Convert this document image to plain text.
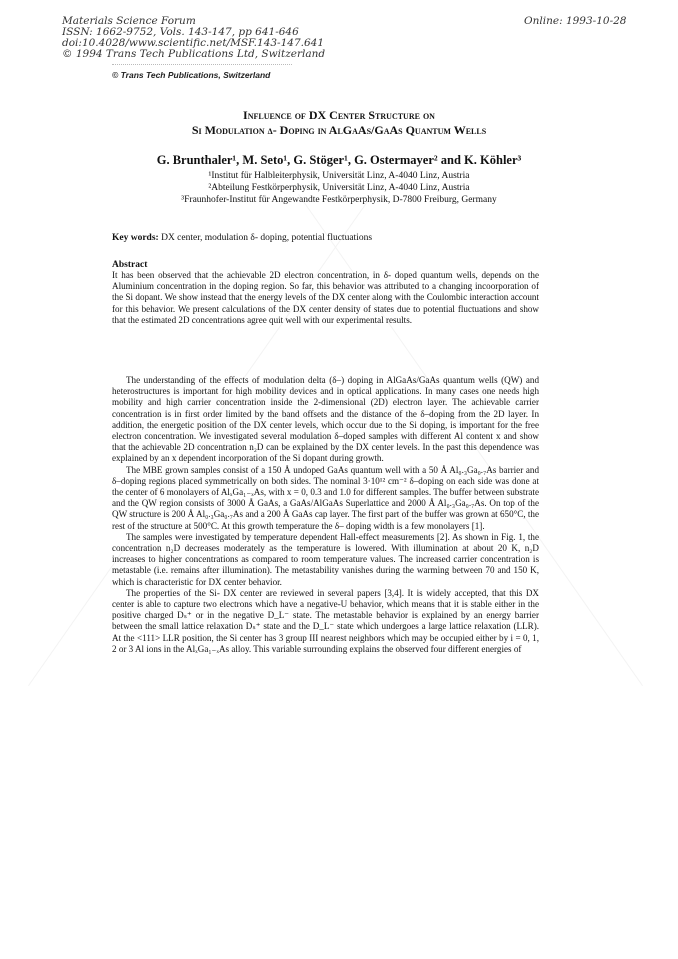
Materials Science Forum
ISSN: 1662-9752, Vols. 143-147, pp 641-646
doi:10.4028/www.scientific.net/MSF.143-147.641
© 1994 Trans Tech Publications Ltd, Switzerland
Online: 1993-10-28
© Trans Tech Publications, Switzerland
Influence of DX Center Structure on
Si Modulation δ- Doping in AlGaAs/GaAs Quantum Wells
G. Brunthaler¹, M. Seto¹, G. Stöger¹, G. Ostermayer² and K. Köhler³
¹Institut für Halbleiterphysik, Universität Linz, A-4040 Linz, Austria
²Abteilung Festkörperphysik, Universität Linz, A-4040 Linz, Austria
³Fraunhofer-Institut für Angewandte Festkörperphysik, D-7800 Freiburg, Germany
Key words: DX center, modulation δ- doping, potential fluctuations
Abstract
It has been observed that the achievable 2D electron concentration, in δ- doped quantum wells, depends on the Aluminium concentration in the doping region. So far, this behavior was attributed to a changing incoorporation of the Si dopant. We show instead that the energy levels of the DX center along with the Coulombic interaction account for this behavior. We present calculations of the DX center density of states due to potential fluctuations and show that the estimated 2D concentrations agree quit well with our experimental results.

The understanding of the effects of modulation delta (δ–) doping in AlGaAs/GaAs quantum wells (QW) and heterostructures is important for high mobility devices and in optical applications. In many cases one needs high mobility and high carrier concentration inside the 2-dimensional (2D) electron layer. The achievable carrier concentration is in first order limited by the band offsets and the distance of the δ–doping from the 2D layer. In addition, the energetic position of the DX center levels, which occur due to the Si doping, is important for the free electron concentration. We investigated several modulation δ–doped samples with different Al content x and show that the achievable 2D concentration n₂D can be explained by the DX center levels. In the past this dependence was explained by an x dependent incorporation of the Si dopant during growth.

The MBE grown samples consist of a 150 Å undoped GaAs quantum well with a 50 Å Al₀.₃Ga₀.₇As barrier and δ–doping regions placed symmetrically on both sides. The nominal 3·10¹² cm⁻² δ–doping on each side was done at the center of 6 monolayers of AlₓGa₁₋ₓAs, with x = 0, 0.3 and 1.0 for different samples. The buffer between substrate and the QW region consists of 3000 Å GaAs, a GaAs/AlGaAs Superlattice and 2000 Å Al₀.₃Ga₀.₇As. On top of the QW structure is 200 Å Al₀.₃Ga₀.₇As and a 200 Å GaAs cap layer. The first part of the buffer was grown at 650°C, the rest of the structure at 500°C. At this growth temperature the δ– doping width is a few monolayers [1].

The samples were investigated by temperature dependent Hall-effect measurements [2]. As shown in Fig. 1, the concentration n₂D decreases moderately as the temperature is lowered. With illumination at about 20 K, n₂D increases to higher concentrations as compared to room temperature values. The increased carrier concentration is metastable (i.e. remains after illumination). The metastability vanishes during the warming between 70 and 150 K, which is characteristic for DX center behavior.

The properties of the Si- DX center are reviewed in several papers [3,4]. It is widely accepted, that this DX center is able to capture two electrons which have a negative-U behavior, which means that it is stable either in the positive charged Dₛ⁺ or in the negative D_L⁻ state. The metastable behavior is explained by an energy barrier between the small lattice relaxation Dₛ⁺ state and the D_L⁻ state which undergoes a large lattice relaxation (LLR). At the <111> LLR position, the Si center has 3 group III nearest neighbors which may be occupied either by i = 0, 1, 2 or 3 Al ions in the AlₓGa₁₋ₓAs alloy. This variable surrounding explains the observed four different energies of
